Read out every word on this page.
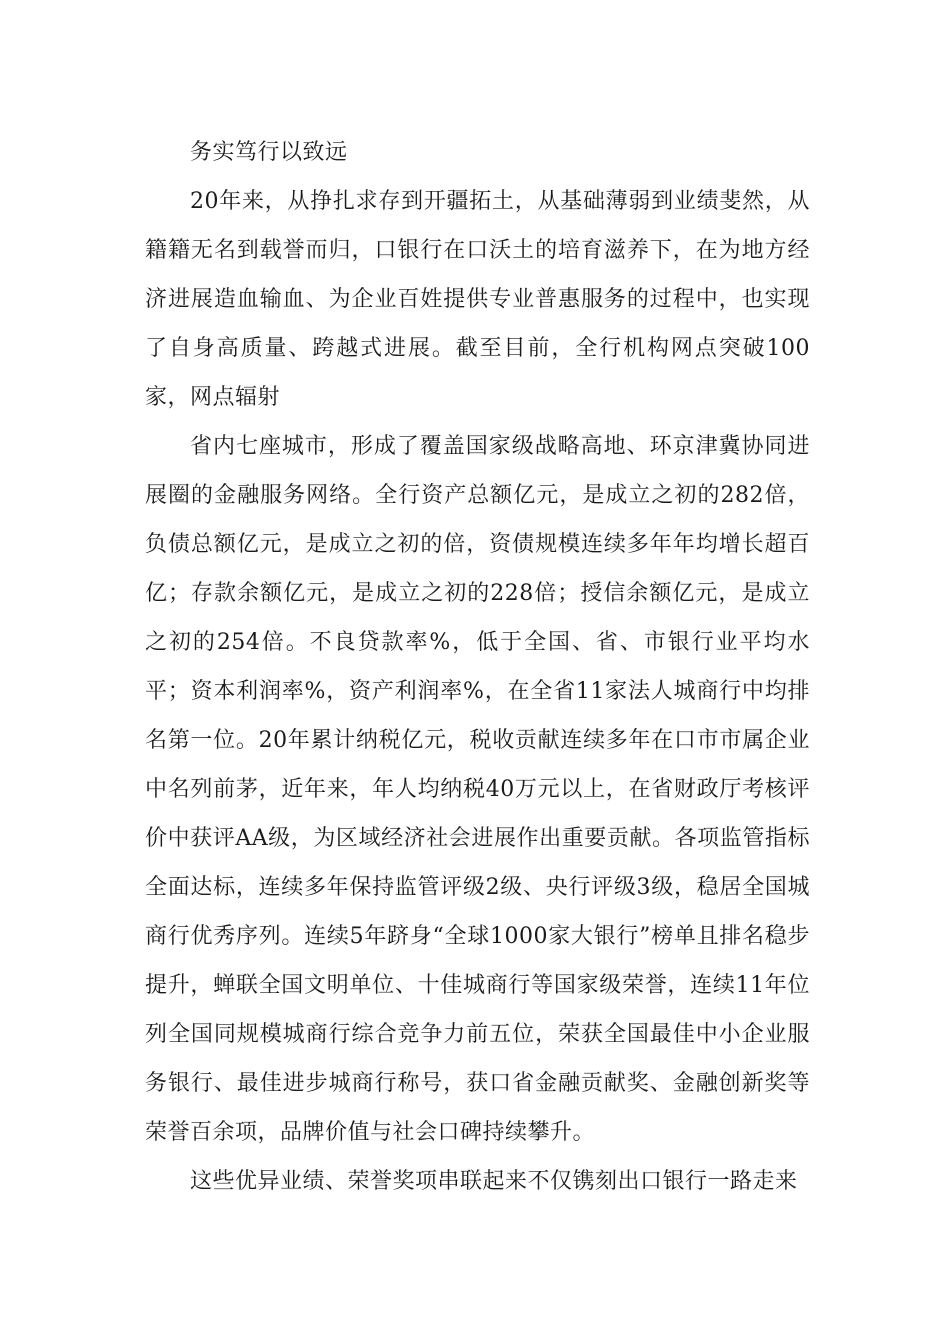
务实笃行以致远

20年来，从挣扎求存到开疆拓土，从基础薄弱到业绩斐然，从籍籍无名到载誉而归，口银行在口沃土的培育滋养下，在为地方经济进展造血输血、为企业百姓提供专业普惠服务的过程中，也实现了自身高质量、跨越式进展。截至目前，全行机构网点突破100家，网点辐射

省内七座城市，形成了覆盖国家级战略高地、环京津冀协同进展圈的金融服务网络。全行资产总额亿元，是成立之初的282倍，负债总额亿元，是成立之初的倍，资债规模连续多年年均增长超百亿；存款余额亿元，是成立之初的228倍；授信余额亿元，是成立之初的254倍。不良贷款率%，低于全国、省、市银行业平均水平；资本利润率%，资产利润率%，在全省11家法人城商行中均排名第一位。20年累计纳税亿元，税收贡献连续多年在口市市属企业中名列前茅，近年来，年人均纳税40万元以上，在省财政厅考核评价中获评AA级，为区域经济社会进展作出重要贡献。各项监管指标全面达标，连续多年保持监管评级2级、央行评级3级，稳居全国城商行优秀序列。连续5年跻身“全球1000家大银行”榜单且排名稳步提升，蝉联全国文明单位、十佳城商行等国家级荣誉，连续11年位列全国同规模城商行综合竞争力前五位，荣获全国最佳中小企业服务银行、最佳进步城商行称号，获口省金融贡献奖、金融创新奖等荣誉百余项，品牌价值与社会口碑持续攀升。

这些优异业绩、荣誉奖项串联起来不仅镌刻出口银行一路走来
